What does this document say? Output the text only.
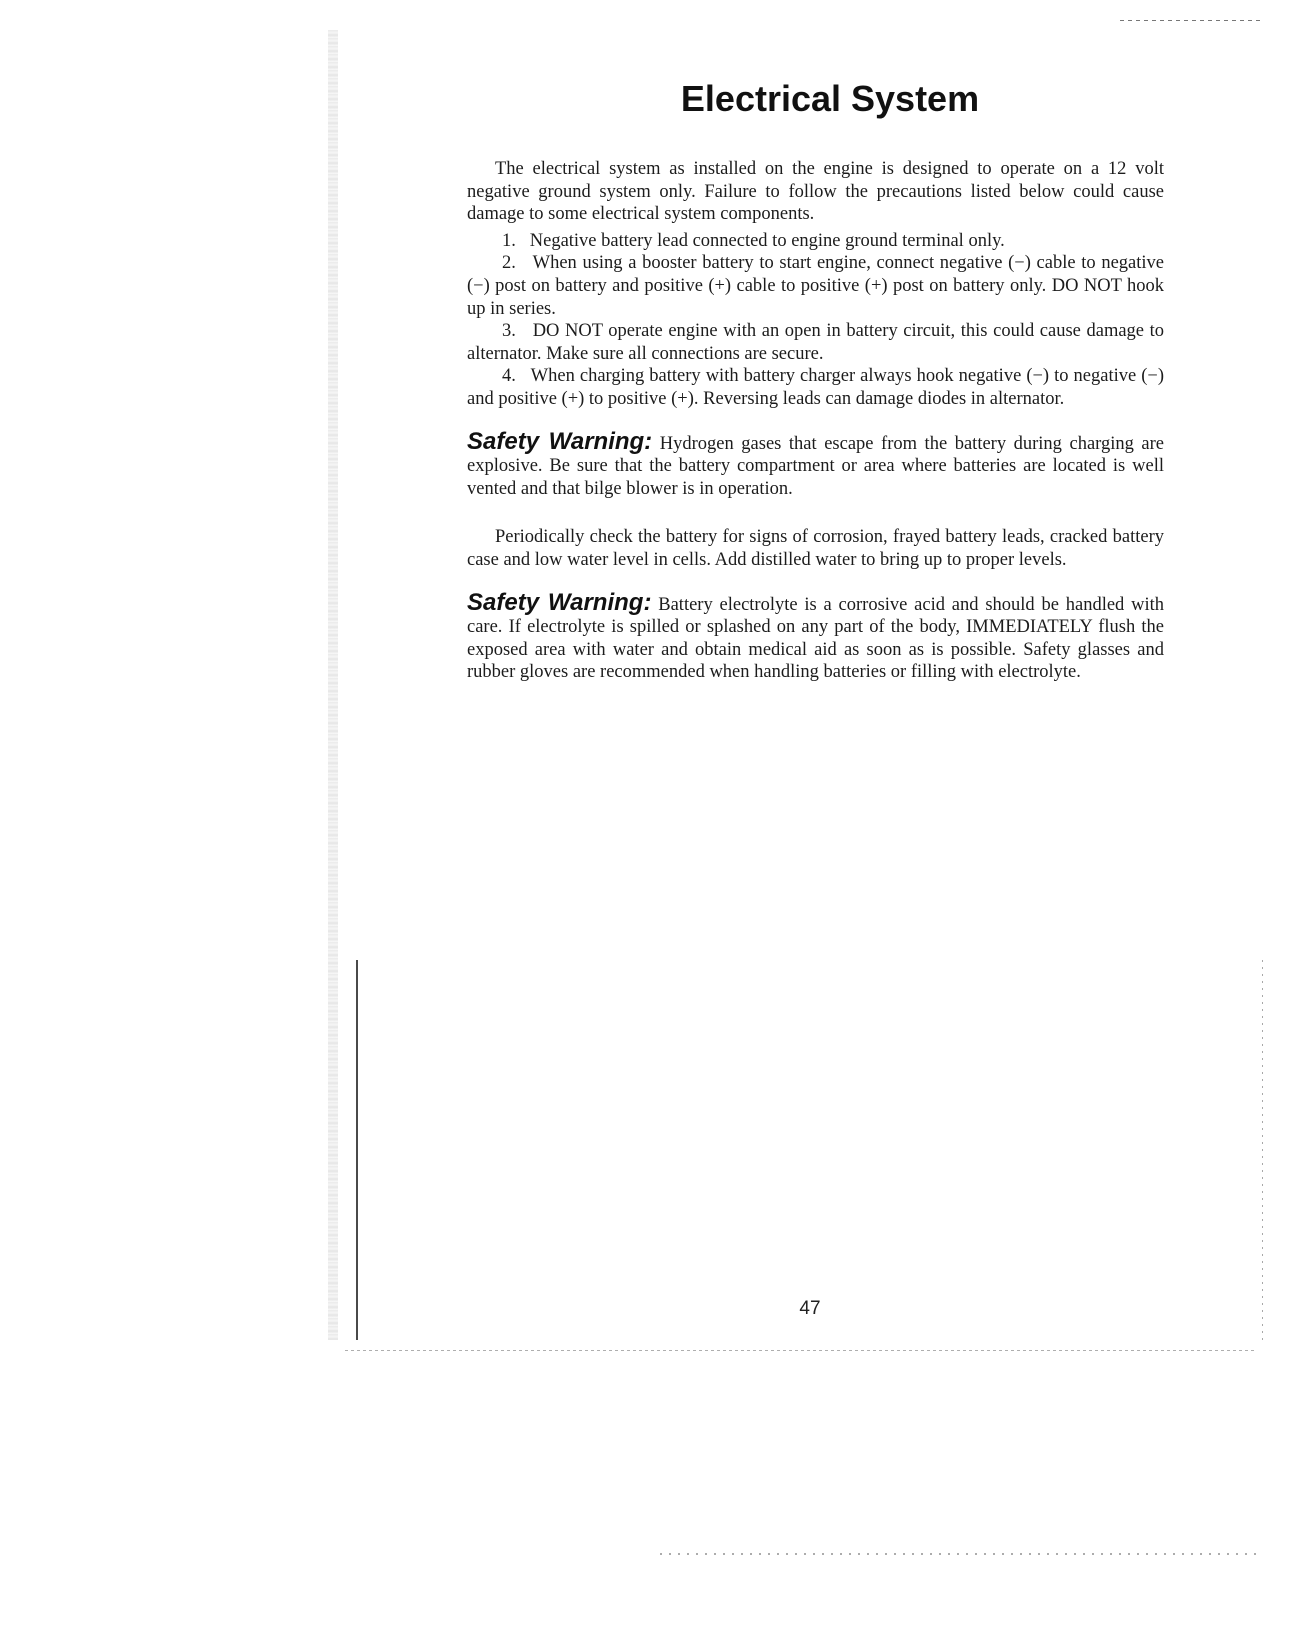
Electrical System

The electrical system as installed on the engine is designed to operate on a 12 volt negative ground system only. Failure to follow the precautions listed below could cause damage to some electrical system components.

1. Negative battery lead connected to engine ground terminal only.
2. When using a booster battery to start engine, connect negative (−) cable to negative (−) post on battery and positive (+) cable to positive (+) post on battery only. DO NOT hook up in series.
3. DO NOT operate engine with an open in battery circuit, this could cause damage to alternator. Make sure all connections are secure.
4. When charging battery with battery charger always hook negative (−) to negative (−) and positive (+) to positive (+). Reversing leads can damage diodes in alternator.

Safety Warning: Hydrogen gases that escape from the battery during charging are explosive. Be sure that the battery compartment or area where batteries are located is well vented and that bilge blower is in operation.

Periodically check the battery for signs of corrosion, frayed battery leads, cracked battery case and low water level in cells. Add distilled water to bring up to proper levels.

Safety Warning: Battery electrolyte is a corrosive acid and should be handled with care. If electrolyte is spilled or splashed on any part of the body, IMMEDIATELY flush the exposed area with water and obtain medical aid as soon as is possible. Safety glasses and rubber gloves are recommended when handling batteries or filling with electrolyte.

47
